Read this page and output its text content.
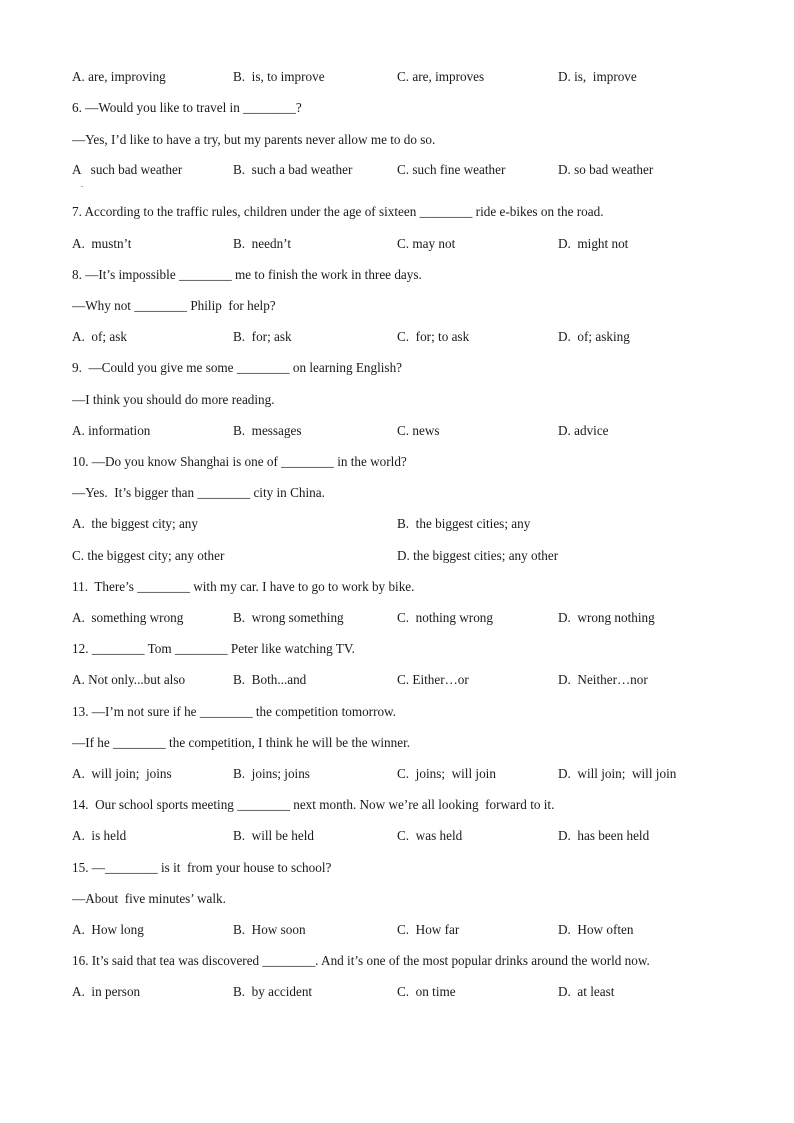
A. are, improving	B.  is, to improve	C. are, improves	D. is,  improve
6. —Would you like to travel in ________?
—Yes, I’d like to have a try, but my parents never allow me to do so.
A   such bad weather	B.  such a bad weather	C. such fine weather	D. so bad weather
.
7. According to the traffic rules, children under the age of sixteen ________ ride e-bikes on the road.
A.  mustn’t	B.  needn’t	C. may not	D.  might not
8. —It’s impossible ________ me to finish the work in three days.
—Why not ________ Philip  for help?
A.  of; ask	B.  for; ask	C.  for; to ask	D.  of; asking
9.  —Could you give me some ________ on learning English?
—I think you should do more reading.
A. information	B.  messages	C. news	D. advice
10. —Do you know Shanghai is one of ________ in the world?
—Yes.  It’s bigger than ________ city in China.
A.  the biggest city; any	B.  the biggest cities; any
C. the biggest city; any other	D. the biggest cities; any other
11.  There’s ________ with my car. I have to go to work by bike.
A.  something wrong	B.  wrong something	C.  nothing wrong	D.  wrong nothing
12. ________ Tom ________ Peter like watching TV.
A. Not only...but also	B.  Both...and	C. Either…or	D.  Neither…nor
13. —I’m not sure if he ________ the competition tomorrow.
—If he ________ the competition, I think he will be the winner.
A.  will join;  joins	B.  joins; joins	C.  joins;  will join	D.  will join;  will join
14.  Our school sports meeting ________ next month. Now we’re all looking  forward to it.
A.  is held	B.  will be held	C.  was held	D.  has been held
15. —________ is it  from your house to school?
—About  five minutes’ walk.
A.  How long	B.  How soon	C.  How far	D.  How often
16. It’s said that tea was discovered ________. And it’s one of the most popular drinks around the world now.
A.  in person	B.  by accident	C.  on time	D.  at least
